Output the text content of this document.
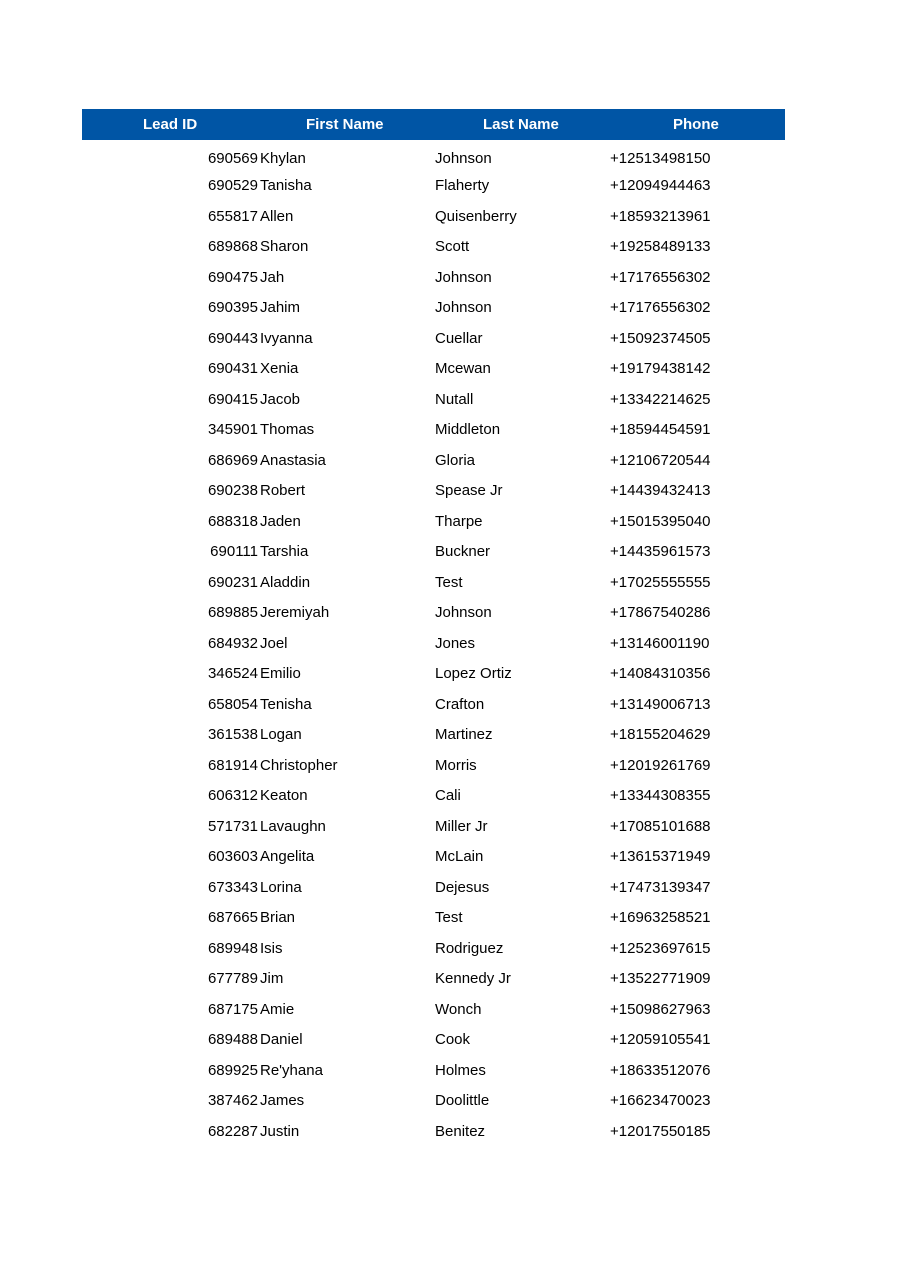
Lead ID	First Name	Last Name	Phone
690569	Khylan	Johnson	+12513498150
690529	Tanisha	Flaherty	+12094944463
655817	Allen	Quisenberry	+18593213961
689868	Sharon	Scott	+19258489133
690475	Jah	Johnson	+17176556302
690395	Jahim	Johnson	+17176556302
690443	Ivyanna	Cuellar	+15092374505
690431	Xenia	Mcewan	+19179438142
690415	Jacob	Nutall	+13342214625
345901	Thomas	Middleton	+18594454591
686969	Anastasia	Gloria	+12106720544
690238	Robert	Spease Jr	+14439432413
688318	Jaden	Tharpe	+15015395040
690111	Tarshia	Buckner	+14435961573
690231	Aladdin	Test	+17025555555
689885	Jeremiyah	Johnson	+17867540286
684932	Joel	Jones	+13146001190
346524	Emilio	Lopez Ortiz	+14084310356
658054	Tenisha	Crafton	+13149006713
361538	Logan	Martinez	+18155204629
681914	Christopher	Morris	+12019261769
606312	Keaton	Cali	+13344308355
571731	Lavaughn	Miller Jr	+17085101688
603603	Angelita	McLain	+13615371949
673343	Lorina	Dejesus	+17473139347
687665	Brian	Test	+16963258521
689948	Isis	Rodriguez	+12523697615
677789	Jim	Kennedy Jr	+13522771909
687175	Amie	Wonch	+15098627963
689488	Daniel	Cook	+12059105541
689925	Re'yhana	Holmes	+18633512076
387462	James	Doolittle	+16623470023
682287	Justin	Benitez	+12017550185
